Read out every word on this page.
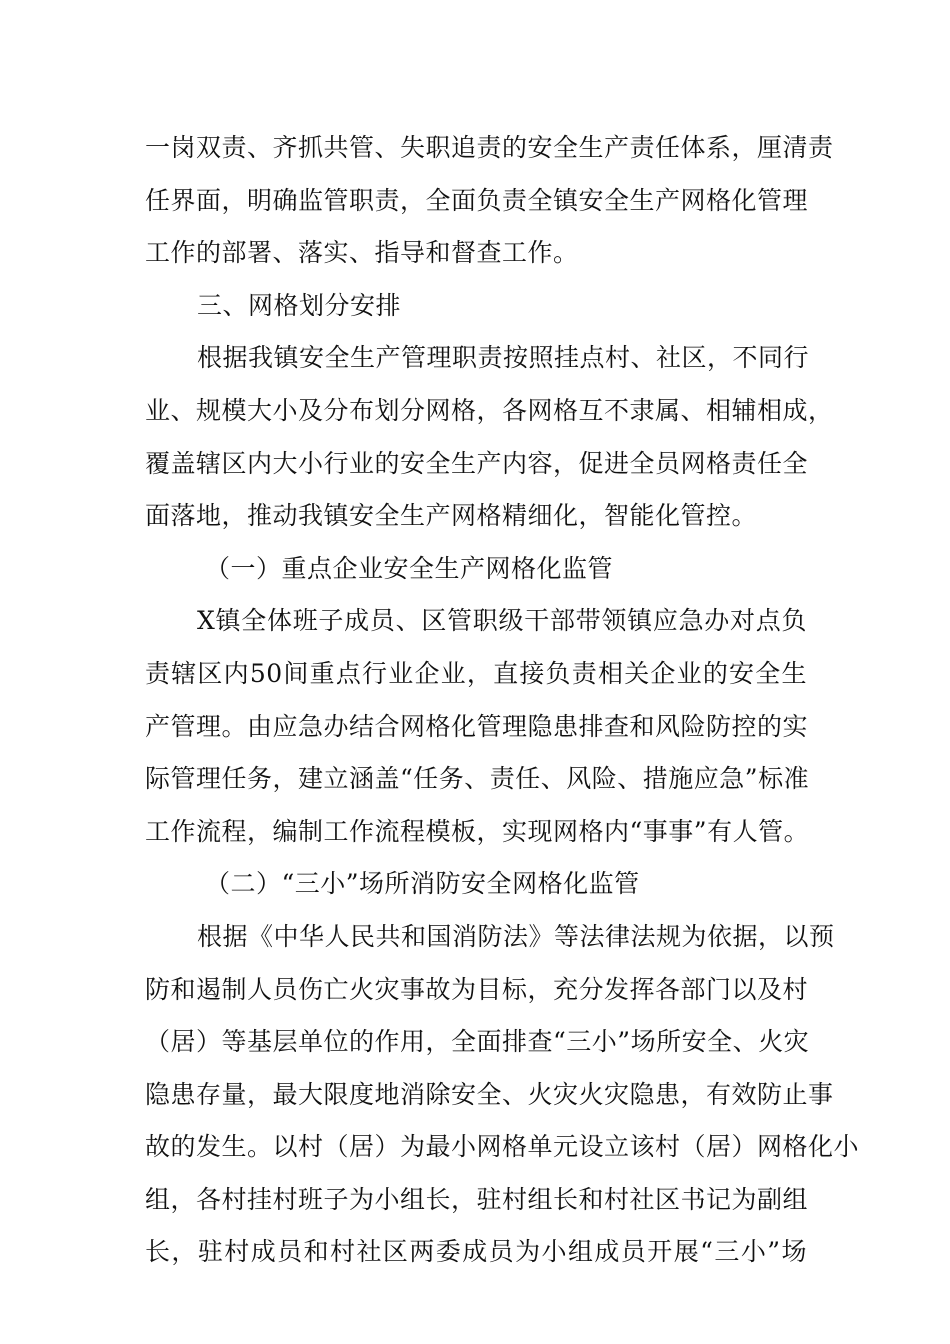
一岗双责、齐抓共管、失职追责的安全生产责任体系，厘清责
任界面，明确监管职责，全面负责全镇安全生产网格化管理
工作的部署、落实、指导和督查工作。
三、网格划分安排
根据我镇安全生产管理职责按照挂点村、社区，不同行
业、规模大小及分布划分网格，各网格互不隶属、相辅相成，
覆盖辖区内大小行业的安全生产内容，促进全员网格责任全
面落地，推动我镇安全生产网格精细化，智能化管控。
（一）重点企业安全生产网格化监管
X镇全体班子成员、区管职级干部带领镇应急办对点负
责辖区内50间重点行业企业，直接负责相关企业的安全生
产管理。由应急办结合网格化管理隐患排查和风险防控的实
际管理任务，建立涵盖“任务、责任、风险、措施应急”标准
工作流程，编制工作流程模板，实现网格内“事事”有人管。
（二）“三小”场所消防安全网格化监管
根据《中华人民共和国消防法》等法律法规为依据，以预
防和遏制人员伤亡火灾事故为目标，充分发挥各部门以及村
（居）等基层单位的作用，全面排查“三小”场所安全、火灾
隐患存量，最大限度地消除安全、火灾火灾隐患，有效防止事
故的发生。以村（居）为最小网格单元设立该村（居）网格化小
组，各村挂村班子为小组长，驻村组长和村社区书记为副组
长，驻村成员和村社区两委成员为小组成员开展“三小”场
